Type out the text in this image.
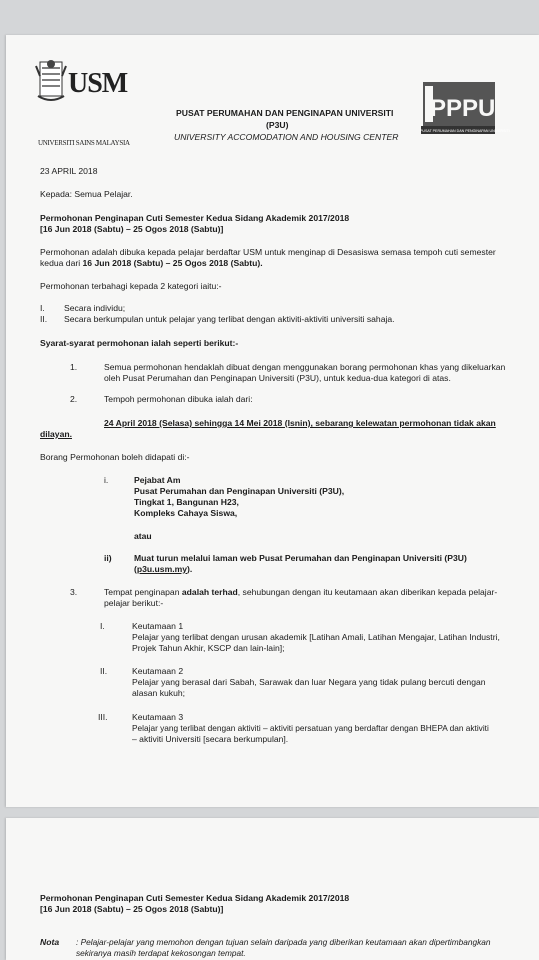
USM
UNIVERSITI SAINS MALAYSIA
PUSAT PERUMAHAN DAN PENGINAPAN UNIVERSITI
(P3U)
UNIVERSITY ACCOMODATION AND HOUSING CENTER
PPPU
PUSAT PERUMAHAN DAN PENGINAPAN UNIVERSITI
23 APRIL 2018
Kepada: Semua Pelajar.
Permohonan Penginapan Cuti Semester Kedua Sidang Akademik 2017/2018
[16 Jun 2018 (Sabtu) – 25 Ogos 2018 (Sabtu)]
Permohonan adalah dibuka kepada pelajar berdaftar USM untuk menginap di Desasiswa semasa tempoh cuti semester
kedua dari 16 Jun 2018 (Sabtu) – 25 Ogos 2018 (Sabtu).
Permohonan terbahagi kepada 2 kategori iaitu:-
I. Secara individu;
II. Secara berkumpulan untuk pelajar yang terlibat dengan aktiviti-aktiviti universiti sahaja.
Syarat-syarat permohonan ialah seperti berikut:-
1.	Semua permohonan hendaklah dibuat dengan menggunakan borang permohonan khas yang dikeluarkan
oleh Pusat Perumahan dan Penginapan Universiti (P3U), untuk kedua-dua kategori di atas.
2.	Tempoh permohonan dibuka ialah dari:
24 April 2018 (Selasa) sehingga 14 Mei 2018 (Isnin), sebarang kelewatan permohonan tidak akan
dilayan.
Borang Permohonan boleh didapati di:-
i.	Pejabat Am
Pusat Perumahan dan Penginapan Universiti (P3U),
Tingkat 1, Bangunan H23,
Kompleks Cahaya Siswa,
atau
ii)	Muat turun melalui laman web Pusat Perumahan dan Penginapan Universiti (P3U)
(p3u.usm.my).
3.	Tempat penginapan adalah terhad, sehubungan dengan itu keutamaan akan diberikan kepada pelajar-
pelajar berikut:-
I.	Keutamaan 1
Pelajar yang terlibat dengan urusan akademik [Latihan Amali, Latihan Mengajar, Latihan Industri,
Projek Tahun Akhir, KSCP dan lain-lain];
II.	Keutamaan 2
Pelajar yang berasal dari Sabah, Sarawak dan luar Negara yang tidak pulang bercuti dengan
alasan kukuh;
III.	Keutamaan 3
Pelajar yang terlibat dengan aktiviti – aktiviti persatuan yang berdaftar dengan BHEPA dan aktiviti
– aktiviti Universiti [secara berkumpulan].
Permohonan Penginapan Cuti Semester Kedua Sidang Akademik 2017/2018
[16 Jun 2018 (Sabtu) – 25 Ogos 2018 (Sabtu)]
Nota : Pelajar-pelajar yang memohon dengan tujuan selain daripada yang diberikan keutamaan akan dipertimbangkan
sekiranya masih terdapat kekosongan tempat.
